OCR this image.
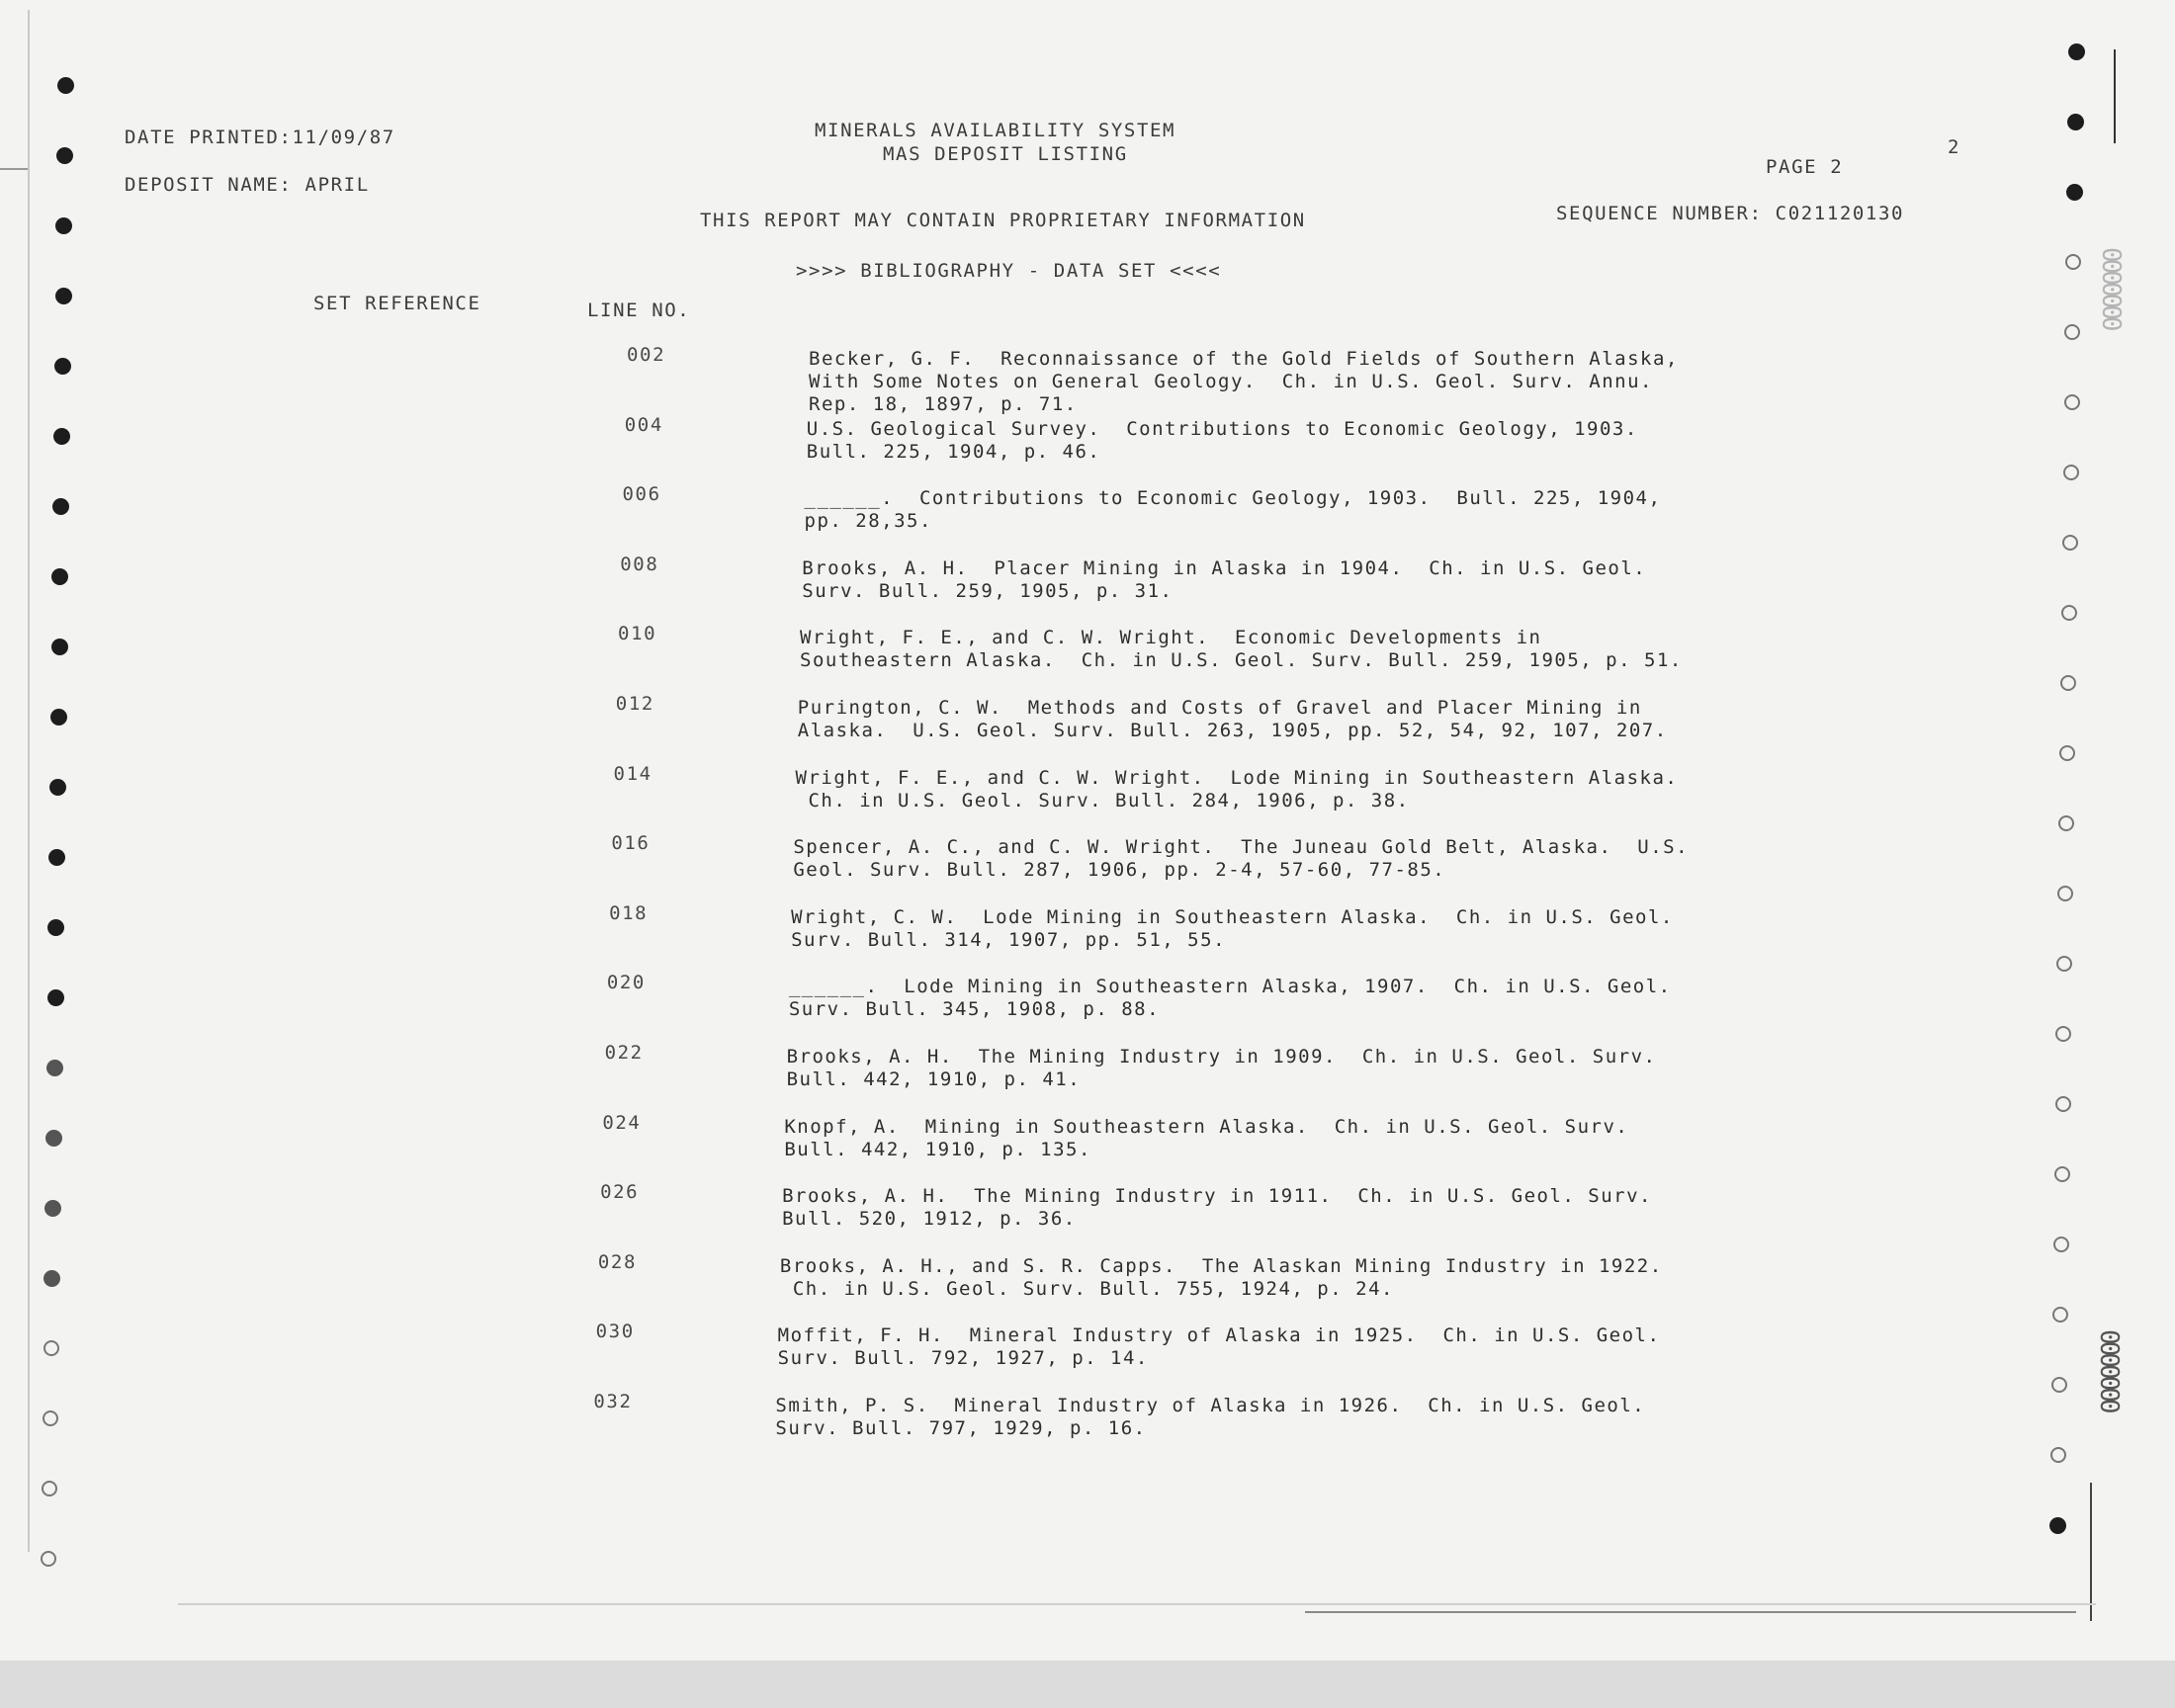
0000000
0000000
DATE PRINTED:11/09/87	MINERALS AVAILABILITY SYSTEM
MAS DEPOSIT LISTING	2
PAGE 2
DEPOSIT NAME: APRIL
SEQUENCE NUMBER: C021120130
THIS REPORT MAY CONTAIN PROPRIETARY INFORMATION
>>>> BIBLIOGRAPHY - DATA SET <<<<
SET REFERENCE	LINE NO.
002	Becker, G. F.  Reconnaissance of the Gold Fields of Southern Alaska,
With Some Notes on General Geology.  Ch. in U.S. Geol. Surv. Annu.
Rep. 18, 1897, p. 71.
004	U.S. Geological Survey.  Contributions to Economic Geology, 1903.
Bull. 225, 1904, p. 46.
006	______.  Contributions to Economic Geology, 1903.  Bull. 225, 1904,
pp. 28,35.
008	Brooks, A. H.  Placer Mining in Alaska in 1904.  Ch. in U.S. Geol.
Surv. Bull. 259, 1905, p. 31.
010	Wright, F. E., and C. W. Wright.  Economic Developments in
Southeastern Alaska.  Ch. in U.S. Geol. Surv. Bull. 259, 1905, p. 51.
012	Purington, C. W.  Methods and Costs of Gravel and Placer Mining in
Alaska.  U.S. Geol. Surv. Bull. 263, 1905, pp. 52, 54, 92, 107, 207.
014	Wright, F. E., and C. W. Wright.  Lode Mining in Southeastern Alaska.
Ch. in U.S. Geol. Surv. Bull. 284, 1906, p. 38.
016	Spencer, A. C., and C. W. Wright.  The Juneau Gold Belt, Alaska.  U.S.
Geol. Surv. Bull. 287, 1906, pp. 2-4, 57-60, 77-85.
018	Wright, C. W.  Lode Mining in Southeastern Alaska.  Ch. in U.S. Geol.
Surv. Bull. 314, 1907, pp. 51, 55.
020	______.  Lode Mining in Southeastern Alaska, 1907.  Ch. in U.S. Geol.
Surv. Bull. 345, 1908, p. 88.
022	Brooks, A. H.  The Mining Industry in 1909.  Ch. in U.S. Geol. Surv.
Bull. 442, 1910, p. 41.
024	Knopf, A.  Mining in Southeastern Alaska.  Ch. in U.S. Geol. Surv.
Bull. 442, 1910, p. 135.
026	Brooks, A. H.  The Mining Industry in 1911.  Ch. in U.S. Geol. Surv.
Bull. 520, 1912, p. 36.
028	Brooks, A. H., and S. R. Capps.  The Alaskan Mining Industry in 1922.
Ch. in U.S. Geol. Surv. Bull. 755, 1924, p. 24.
030	Moffit, F. H.  Mineral Industry of Alaska in 1925.  Ch. in U.S. Geol.
Surv. Bull. 792, 1927, p. 14.
032	Smith, P. S.  Mineral Industry of Alaska in 1926.  Ch. in U.S. Geol.
Surv. Bull. 797, 1929, p. 16.
